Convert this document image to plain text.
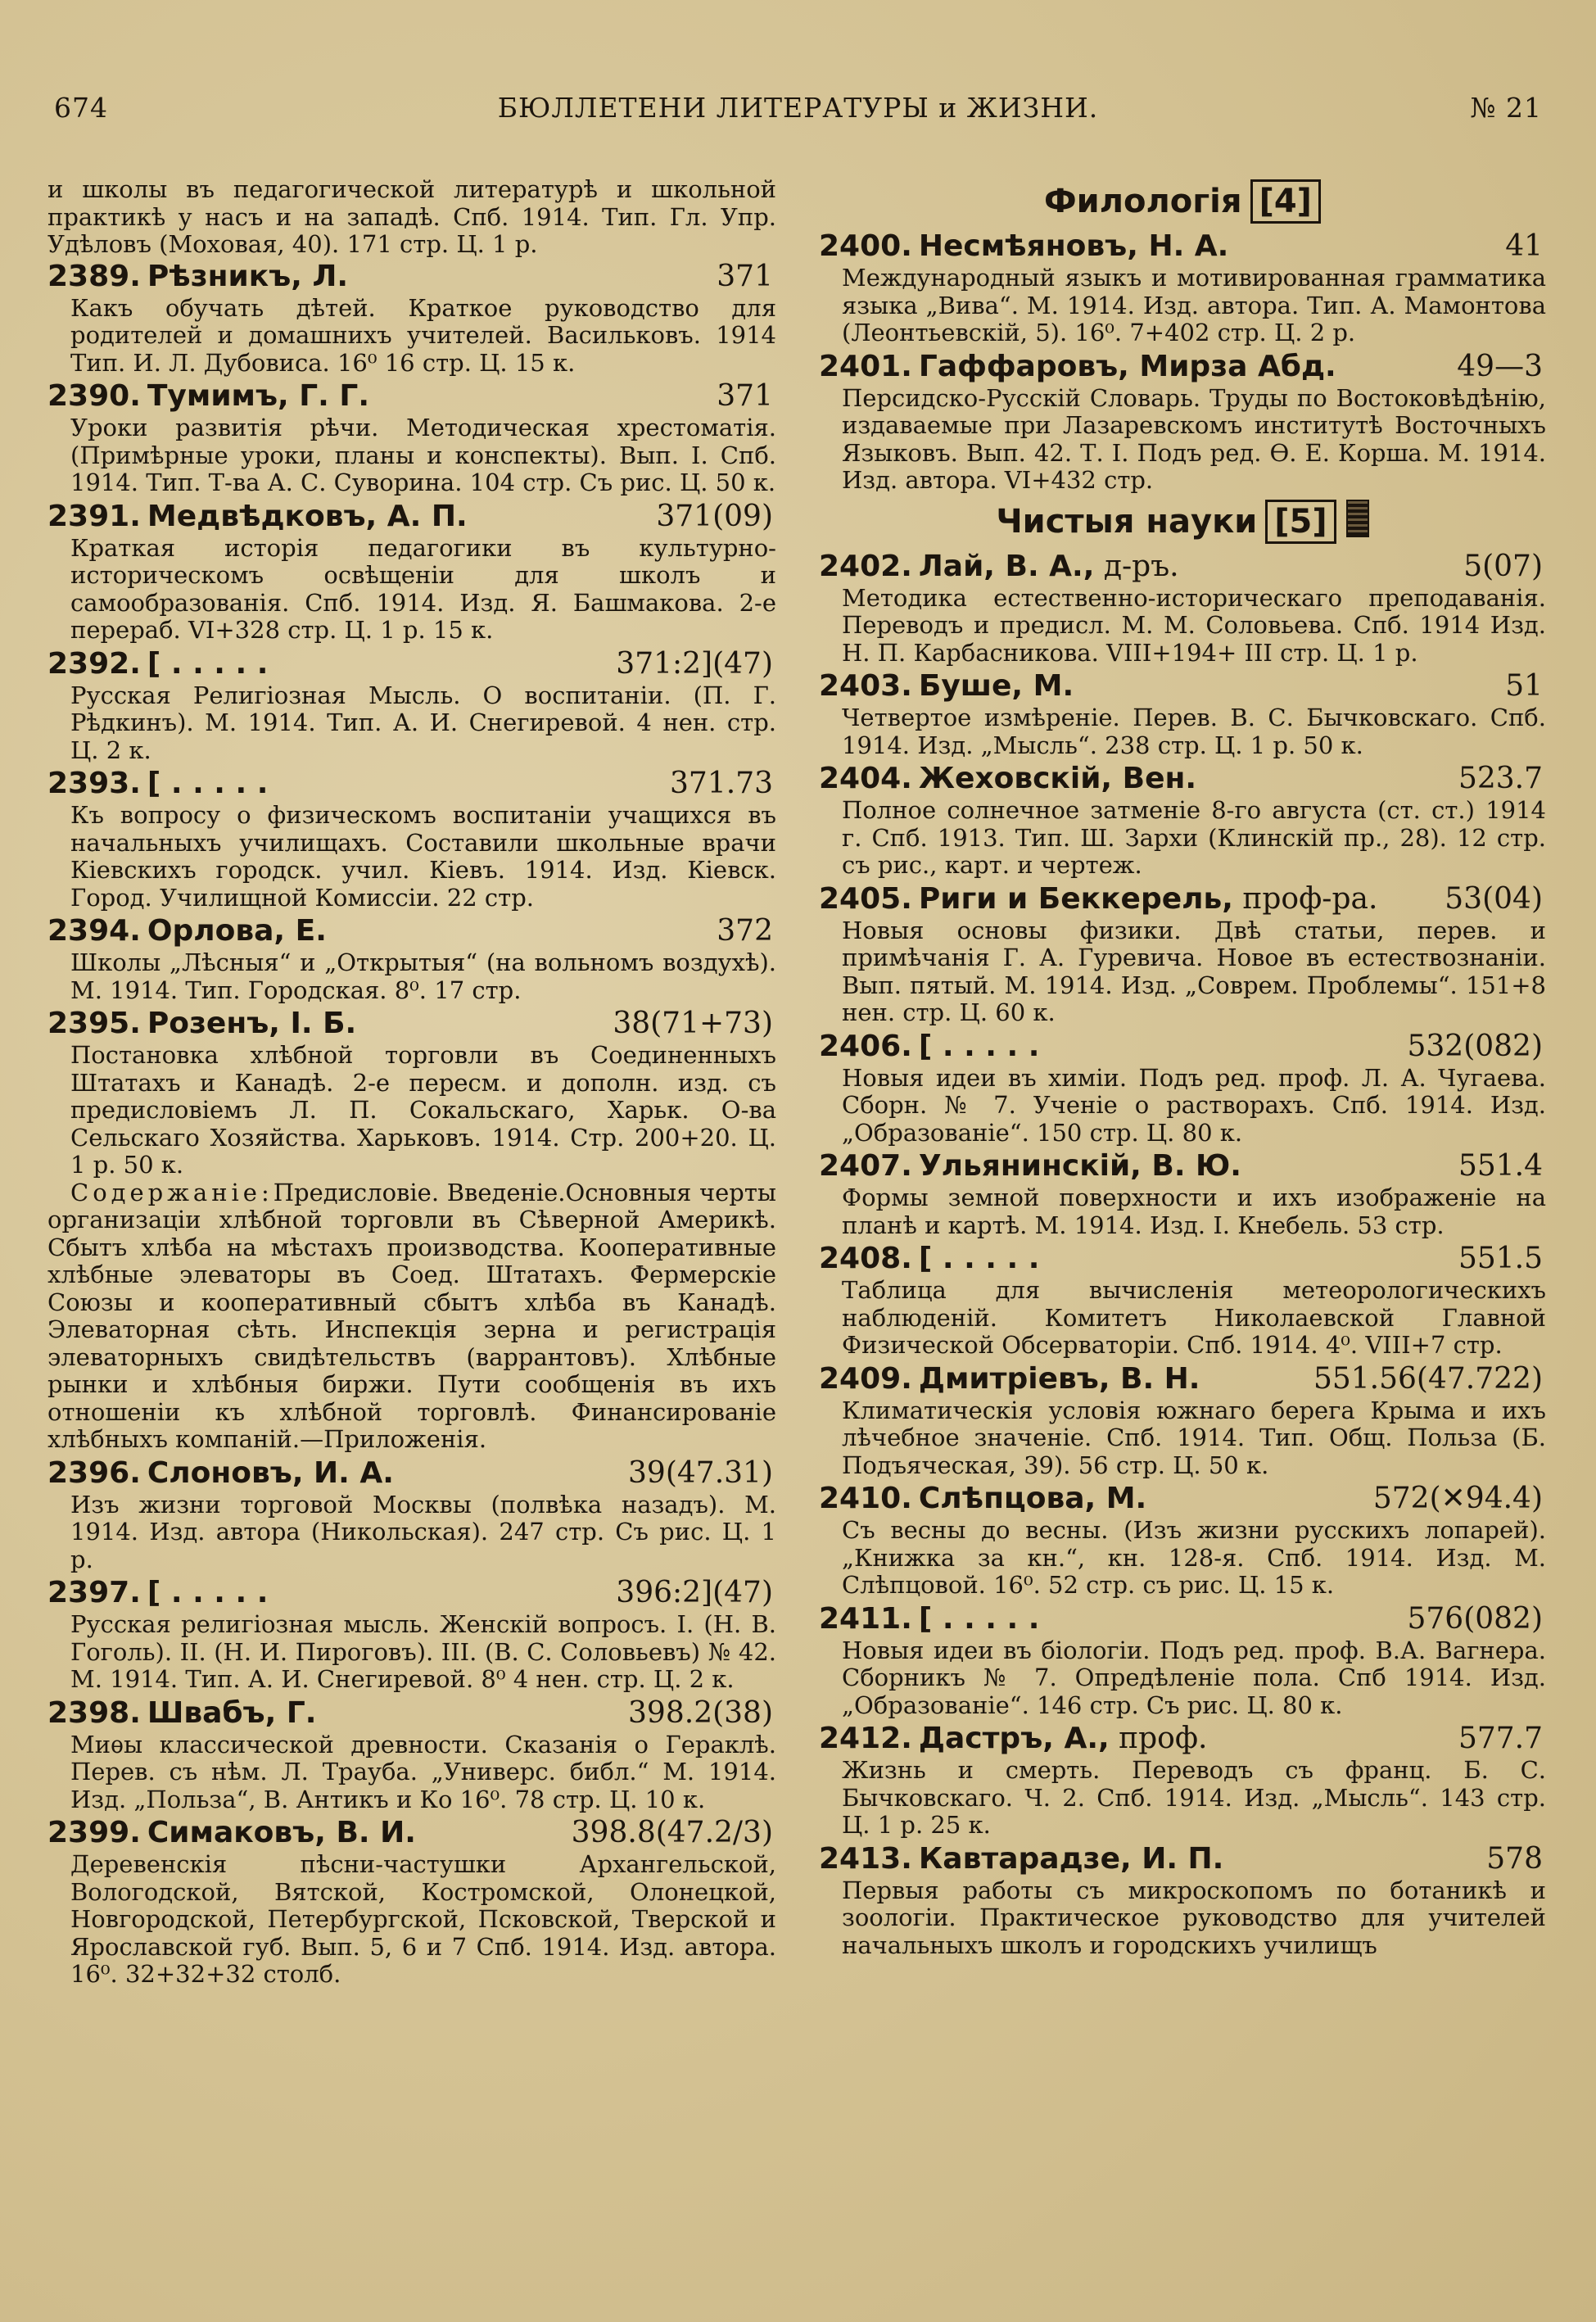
674	БЮЛЛЕТЕНИ ЛИТЕРАТУРЫ и ЖИЗНИ.	№ 21

и школы въ педагогической литературѣ и школьной практикѣ у насъ и на западѣ. Спб. 1914. Тип. Гл. Упр. Удѣловъ (Моховая, 40). 171 стр. Ц. 1 р.

2389. Рѣзникъ, Л.	371

Какъ обучать дѣтей. Краткое руководство для родителей и домашнихъ учителей. Васильковъ. 1914 Тип. И. Л. Дубовиса. 16⁰ 16 стр. Ц. 15 к.

2390. Тумимъ, Г. Г.	371

Уроки развитія рѣчи. Методическая хрестоматія. (Примѣрные уроки, планы и конспекты). Вып. I. Спб. 1914. Тип. Т-ва А. С. Суворина. 104 стр. Съ рис. Ц. 50 к.

2391. Медвѣдковъ, А. П.	371(09)

Краткая исторія педагогики въ культурно-историческомъ освѣщеніи для школъ и самообразованія. Спб. 1914. Изд. Я. Башмакова. 2-е перераб. VI+328 стр. Ц. 1 р. 15 к.

2392. [ . . . . .	371:2](47)

Русская Религіозная Мысль. О воспитаніи. (П. Г. Рѣдкинъ). М. 1914. Тип. А. И. Снегиревой. 4 нен. стр. Ц. 2 к.

2393. [ . . . . .	371.73

Къ вопросу о физическомъ воспитаніи учащихся въ начальныхъ училищахъ. Составили школьные врачи Кіевскихъ городск. учил. Кіевъ. 1914. Изд. Кіевск. Город. Училищной Комиссіи. 22 стр.

2394. Орлова, Е.	372

Школы „Лѣсныя“ и „Открытыя“ (на вольномъ воздухѣ). М. 1914. Тип. Городская. 8⁰. 17 стр.

2395. Розенъ, І. Б.	38(71+73)

Постановка хлѣбной торговли въ Соединенныхъ Штатахъ и Канадѣ. 2-е пересм. и дополн. изд. съ предисловіемъ Л. П. Сокальскаго, Харьк. О-ва Сельскаго Хозяйства. Харьковъ. 1914. Стр. 200+20. Ц. 1 р. 50 к.

Содержаніе:Предисловіе. Введеніе.Основныя черты организаціи хлѣбной торговли въ Сѣверной Америкѣ. Сбытъ хлѣба на мѣстахъ производства. Кооперативные хлѣбные элеваторы въ Соед. Штатахъ. Фермерскіе Союзы и кооперативный сбытъ хлѣба въ Канадѣ. Элеваторная сѣть. Инспекція зерна и регистрація элеваторныхъ свидѣтельствъ (варрантовъ). Хлѣбные рынки и хлѣбныя биржи. Пути сообщенія въ ихъ отношеніи къ хлѣбной торговлѣ. Финансированіе хлѣбныхъ компаній.—Приложенія.

2396. Слоновъ, И. А.	39(47.31)

Изъ жизни торговой Москвы (полвѣка назадъ). М. 1914. Изд. автора (Никольская). 247 стр. Съ рис. Ц. 1 р.

2397. [ . . . . .	396:2](47)

Русская религіозная мысль. Женскій вопросъ. I. (Н. В. Гоголь). II. (Н. И. Пироговъ). III. (В. С. Соловьевъ) № 42. М. 1914. Тип. А. И. Снегиревой. 8⁰ 4 нен. стр. Ц. 2 к.

2398. Швабъ, Г.	398.2(38)

Миѳы классической древности. Сказанія о Гераклѣ. Перев. съ нѣм. Л. Трауба. „Универс. библ.“ М. 1914. Изд. „Польза“, В. Антикъ и Ко 16⁰. 78 стр. Ц. 10 к.

2399. Симаковъ, В. И.	398.8(47.2/3)

Деревенскія пѣсни-частушки Архангельской, Вологодской, Вятской, Костромской, Олонецкой, Новгородской, Петербургской, Псковской, Тверской и Ярославской губ. Вып. 5, 6 и 7 Спб. 1914. Изд. автора. 16⁰. 32+32+32 столб.

Филологія [4]
2400. Несмѣяновъ, Н. А.	41

Международный языкъ и мотивированная грамматика языка „Вива“. М. 1914. Изд. автора. Тип. А. Мамонтова (Леонтьевскій, 5). 16⁰. 7+402 стр. Ц. 2 р.

2401. Гаффаровъ, Мирза Абд.	49—3

Персидско-Русскій Словарь. Труды по Востоковѣдѣнію, издаваемые при Лазаревскомъ институтѣ Восточныхъ Языковъ. Вып. 42. Т. I. Подъ ред. Ѳ. Е. Корша. М. 1914. Изд. автора. VI+432 стр.

Чистыя науки [5]
2402. Лай, В. А., д-ръ.	5(07)

Методика естественно-историческаго преподаванія. Переводъ и предисл. М. М. Соловьева. Спб. 1914 Изд. Н. П. Карбасникова. VIII+194+ III стр. Ц. 1 р.

2403. Буше, М.	51

Четвертое измѣреніе. Перев. В. С. Бычковскаго. Спб. 1914. Изд. „Мысль“. 238 стр. Ц. 1 р. 50 к.

2404. Жеховскій, Вен.	523.7

Полное солнечное затменіе 8-го августа (ст. ст.) 1914 г. Спб. 1913. Тип. Ш. Зархи (Клинскій пр., 28). 12 стр. съ рис., карт. и чертеж.

2405. Риги и Беккерель, проф-ра. 53(04)

Новыя основы физики. Двѣ статьи, перев. и примѣчанія Г. А. Гуревича. Новое въ естествознаніи. Вып. пятый. М. 1914. Изд. „Соврем. Проблемы“. 151+8 нен. стр. Ц. 60 к.

2406. [ . . . . .	532(082)

Новыя идеи въ химіи. Подъ ред. проф. Л. А. Чугаева. Сборн. № 7. Ученіе о растворахъ. Спб. 1914. Изд. „Образованіе“. 150 стр. Ц. 80 к.

2407. Ульянинскій, В. Ю.	551.4

Формы земной поверхности и ихъ изображеніе на планѣ и картѣ. М. 1914. Изд. I. Кнебель. 53 стр.

2408. [ . . . . .	551.5

Таблица для вычисленія метеорологическихъ наблюденій. Комитетъ Николаевской Главной Физической Обсерваторіи. Спб. 1914. 4⁰. VIII+7 стр.

2409. Дмитріевъ, В. Н.	551.56(47.722)

Климатическія условія южнаго берега Крыма и ихъ лѣчебное значеніе. Спб. 1914. Тип. Общ. Польза (Б. Подъяческая, 39). 56 стр. Ц. 50 к.

2410. Слѣпцова, М.	572(✕94.4)

Съ весны до весны. (Изъ жизни русскихъ лопарей). „Книжка за кн.“, кн. 128-я. Спб. 1914. Изд. М. Слѣпцовой. 16⁰. 52 стр. съ рис. Ц. 15 к.

2411. [ . . . . .	576(082)

Новыя идеи въ біологіи. Подъ ред. проф. В.А. Вагнера. Сборникъ № 7. Опредѣленіе пола. Спб 1914. Изд. „Образованіе“. 146 стр. Съ рис. Ц. 80 к.

2412. Дастръ, А., проф.	577.7

Жизнь и смерть. Переводъ съ франц. Б. С. Бычковскаго. Ч. 2. Спб. 1914. Изд. „Мысль“. 143 стр. Ц. 1 р. 25 к.

2413. Кавтарадзе, И. П.	578

Первыя работы съ микроскопомъ по ботаникѣ и зоологіи. Практическое руководство для учителей начальныхъ школъ и городскихъ училищъ
